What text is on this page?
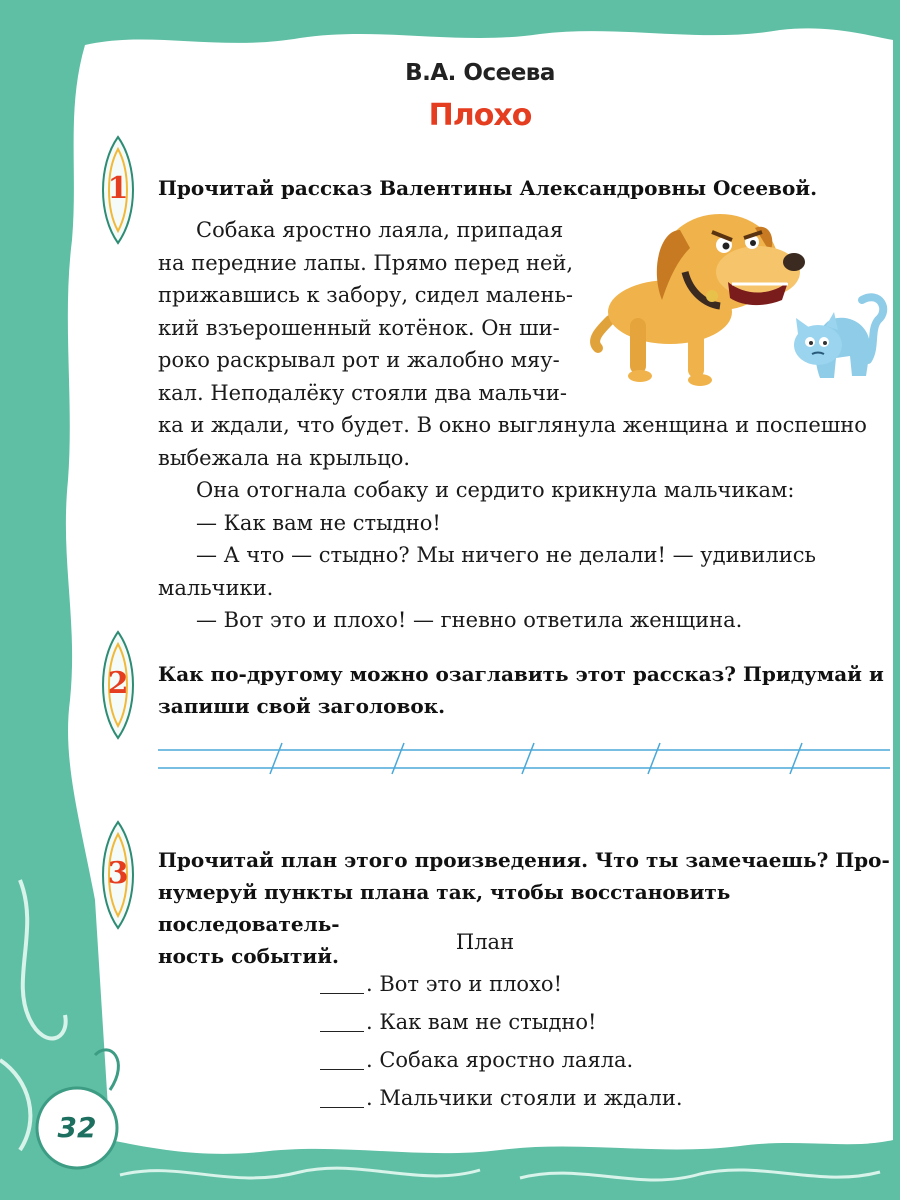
В.А. Осеева
Плохо
1
2
3
Прочитай рассказ Валентины Александровны Осеевой.

Собака яростно лаяла, припадая

на передние лапы. Прямо перед ней,

прижавшись к забору, сидел малень-

кий взъерошенный котёнок. Он ши-

роко раскрывал рот и жалобно мяу-

кал. Неподалёку стояли два мальчи-

ка и ждали, что будет. В окно выглянула женщина и поспешно

выбежала на крыльцо.

Она отогнала собаку и сердито крикнула мальчикам:

— Как вам не стыдно!

— А что — стыдно? Мы ничего не делали! — удивились

мальчики.

— Вот это и плохо! — гневно ответила женщина.

Как по-другому можно озаглавить этот рассказ? Придумай и
запиши свой заголовок.
Прочитай план этого произведения. Что ты замечаешь? Про-
нумеруй пункты плана так, чтобы восстановить последователь-
ность событий.
План
. Вот это и плохо!
. Как вам не стыдно!
. Собака яростно лаяла.
. Мальчики стояли и ждали.
32
